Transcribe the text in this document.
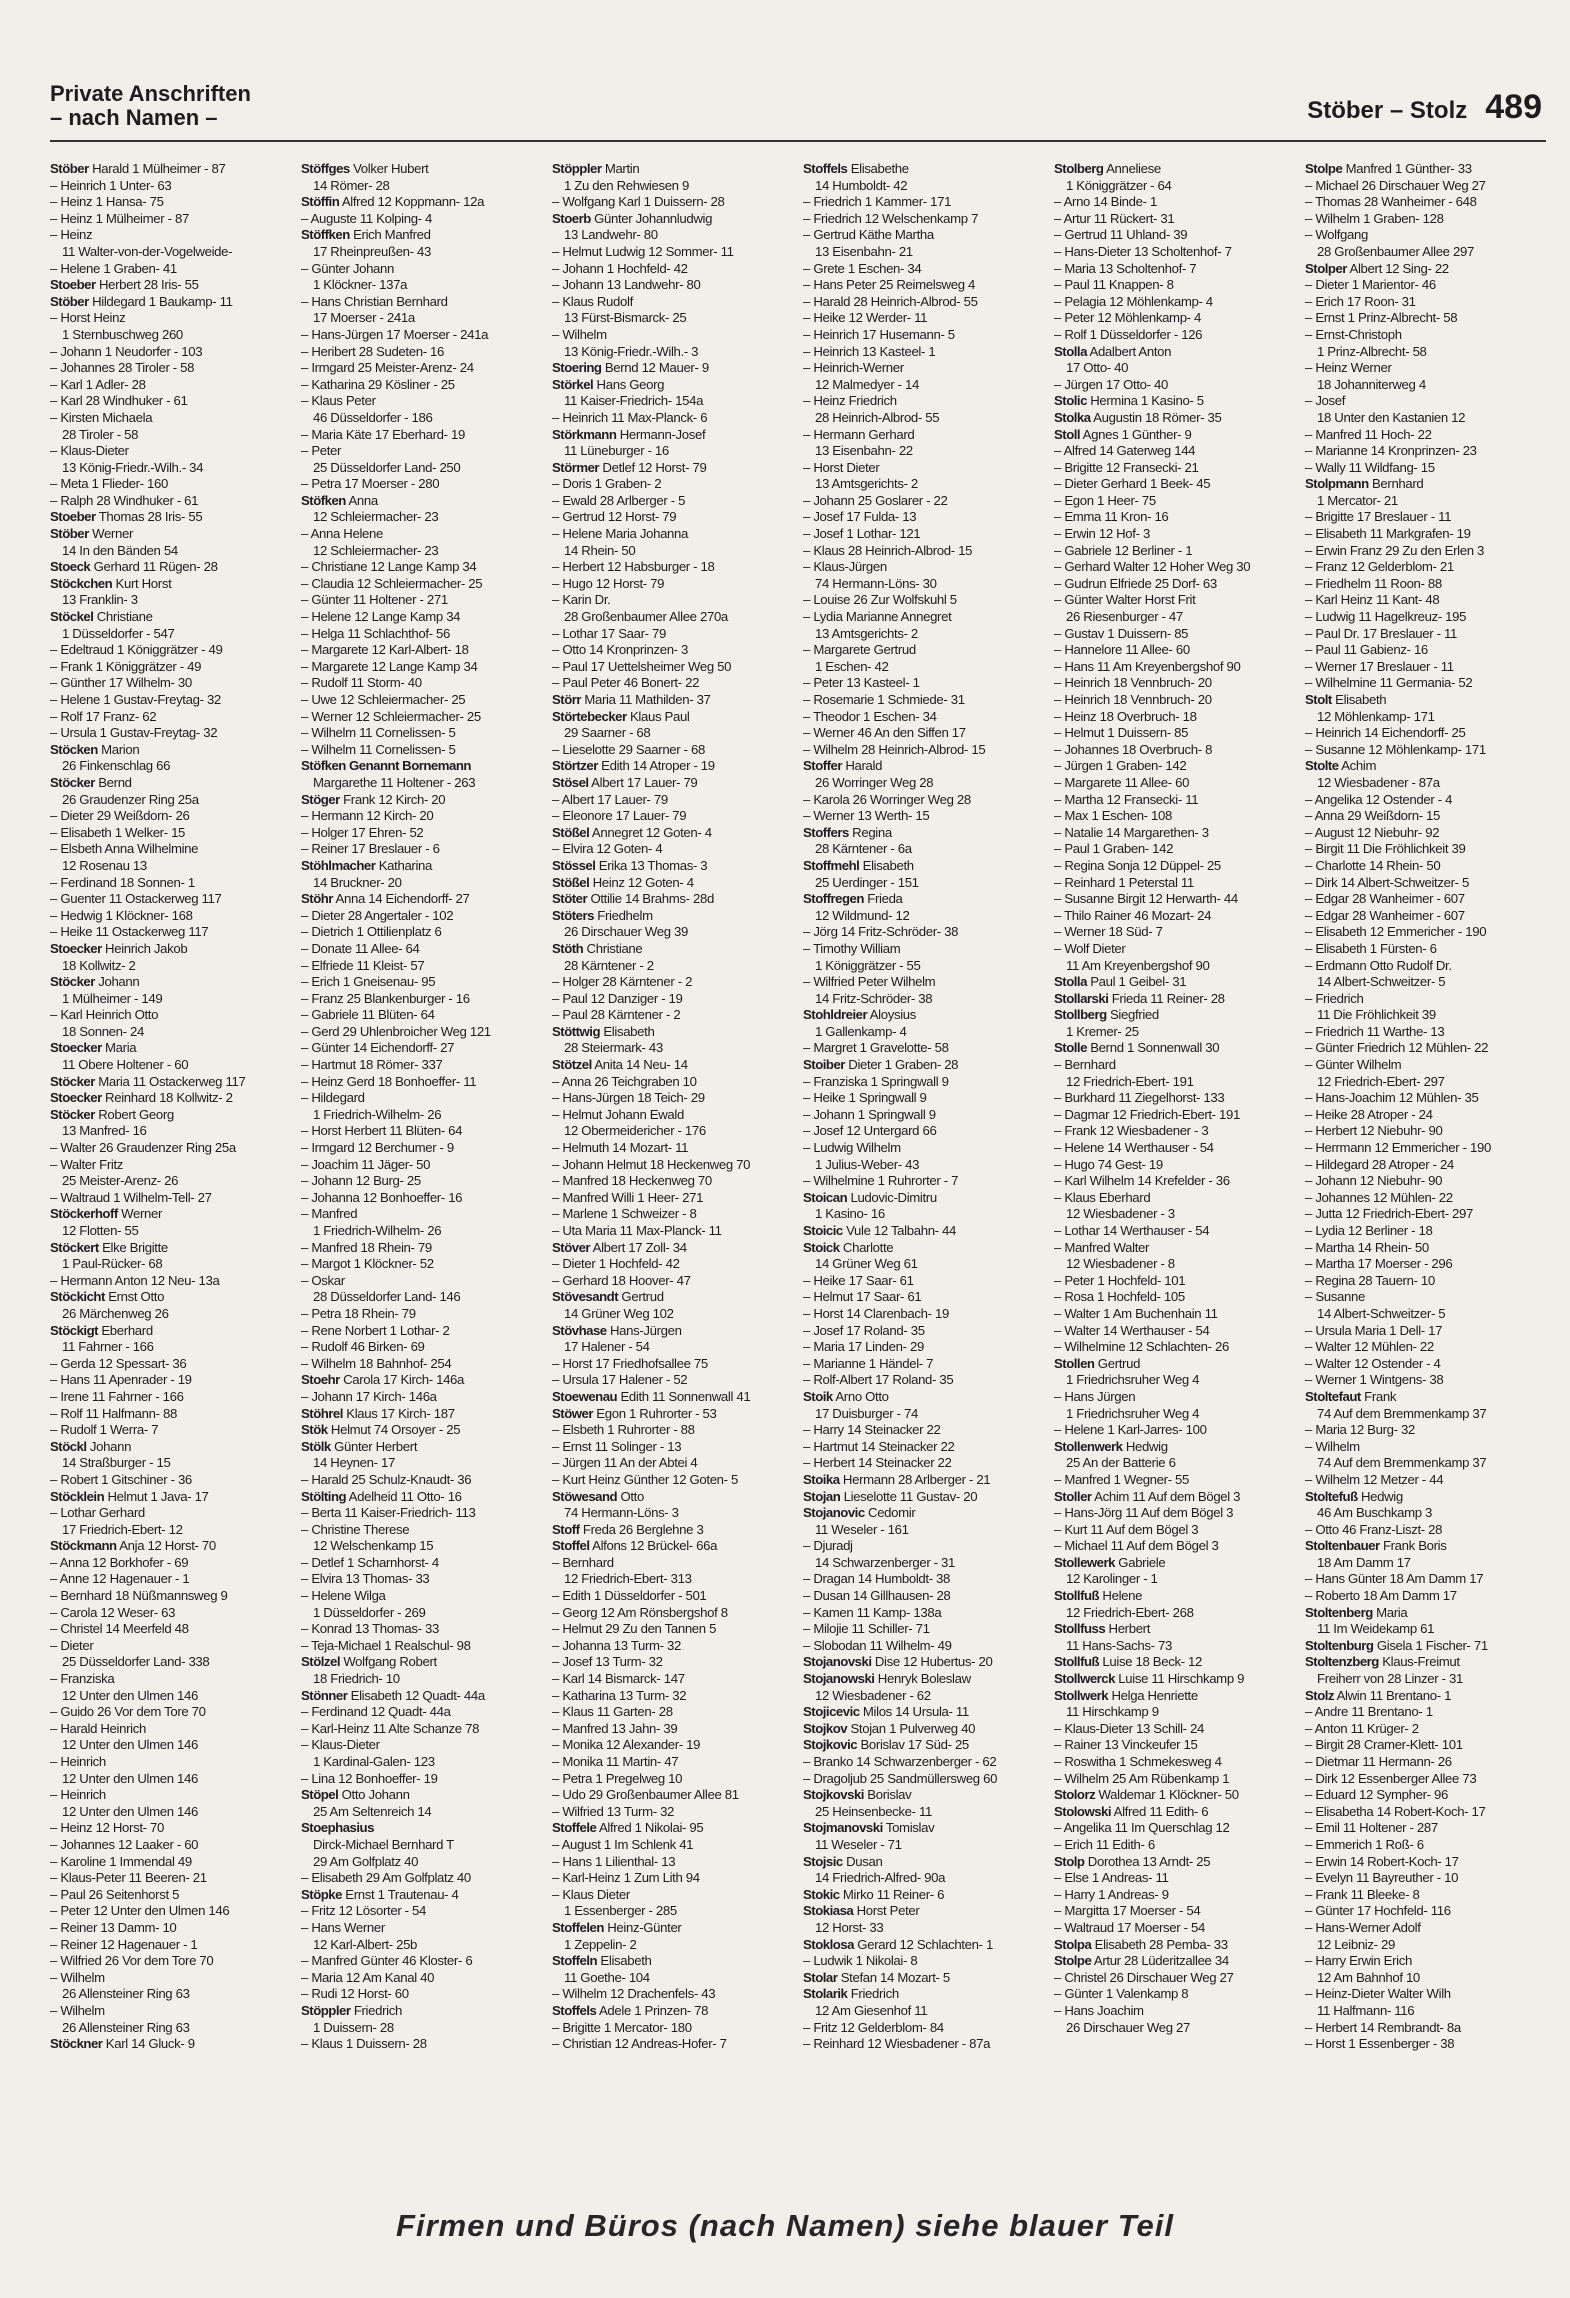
Private Anschriften
– nach Namen –	Stöber – Stolz 489
Stöber Harald 1 Mülheimer - 87
– Heinrich 1 Unter- 63
– Heinz 1 Hansa- 75
– Heinz 1 Mülheimer - 87
– Heinz
11 Walter-von-der-Vogelweide-
– Helene 1 Graben- 41
Stoeber Herbert 28 Iris- 55
Stöber Hildegard 1 Baukamp- 11
– Horst Heinz
1 Sternbuschweg 260
– Johann 1 Neudorfer - 103
– Johannes 28 Tiroler - 58
– Karl 1 Adler- 28
– Karl 28 Windhuker - 61
– Kirsten Michaela
28 Tiroler - 58
– Klaus-Dieter
13 König-Friedr.-Wilh.- 34
– Meta 1 Flieder- 160
– Ralph 28 Windhuker - 61
Stoeber Thomas 28 Iris- 55
Stöber Werner
14 In den Bänden 54
Stoeck Gerhard 11 Rügen- 28
Stöckchen Kurt Horst
13 Franklin- 3
Stöckel Christiane
1 Düsseldorfer - 547
– Edeltraud 1 Königgrätzer - 49
– Frank 1 Königgrätzer - 49
– Günther 17 Wilhelm- 30
– Helene 1 Gustav-Freytag- 32
– Rolf 17 Franz- 62
– Ursula 1 Gustav-Freytag- 32
Stöcken Marion
26 Finkenschlag 66
Stöcker Bernd
26 Graudenzer Ring 25a
– Dieter 29 Weißdorn- 26
– Elisabeth 1 Welker- 15
– Elsbeth Anna Wilhelmine
12 Rosenau 13
– Ferdinand 18 Sonnen- 1
– Guenter 11 Ostackerweg 117
– Hedwig 1 Klöckner- 168
– Heike 11 Ostackerweg 117
Stoecker Heinrich Jakob
18 Kollwitz- 2
Stöcker Johann
1 Mülheimer - 149
– Karl Heinrich Otto
18 Sonnen- 24
Stoecker Maria
11 Obere Holtener - 60
Stöcker Maria 11 Ostackerweg 117
Stoecker Reinhard 18 Kollwitz- 2
Stöcker Robert Georg
13 Manfred- 16
– Walter 26 Graudenzer Ring 25a
– Walter Fritz
25 Meister-Arenz- 26
– Waltraud 1 Wilhelm-Tell- 27
Stöckerhoff Werner
12 Flotten- 55
Stöckert Elke Brigitte
1 Paul-Rücker- 68
– Hermann Anton 12 Neu- 13a
Stöckicht Ernst Otto
26 Märchenweg 26
Stöckigt Eberhard
11 Fahrner - 166
– Gerda 12 Spessart- 36
– Hans 11 Apenrader - 19
– Irene 11 Fahrner - 166
– Rolf 11 Halfmann- 88
– Rudolf 1 Werra- 7
Stöckl Johann
14 Straßburger - 15
– Robert 1 Gitschiner - 36
Stöcklein Helmut 1 Java- 17
– Lothar Gerhard
17 Friedrich-Ebert- 12
Stöckmann Anja 12 Horst- 70
– Anna 12 Borkhofer - 69
– Anne 12 Hagenauer - 1
– Bernhard 18 Nüßmannsweg 9
– Carola 12 Weser- 63
– Christel 14 Meerfeld 48
– Dieter
25 Düsseldorfer Land- 338
– Franziska
12 Unter den Ulmen 146
– Guido 26 Vor dem Tore 70
– Harald Heinrich
12 Unter den Ulmen 146
– Heinrich
12 Unter den Ulmen 146
– Heinrich
12 Unter den Ulmen 146
– Heinz 12 Horst- 70
– Johannes 12 Laaker - 60
– Karoline 1 Immendal 49
– Klaus-Peter 11 Beeren- 21
– Paul 26 Seitenhorst 5
– Peter 12 Unter den Ulmen 146
– Reiner 13 Damm- 10
– Reiner 12 Hagenauer - 1
– Wilfried 26 Vor dem Tore 70
– Wilhelm
26 Allensteiner Ring 63
– Wilhelm
26 Allensteiner Ring 63
Stöckner Karl 14 Gluck- 9
Stöffges Volker Hubert
14 Römer- 28
Stöffin Alfred 12 Koppmann- 12a
– Auguste 11 Kolping- 4
Stöffken Erich Manfred
17 Rheinpreußen- 43
– Günter Johann
1 Klöckner- 137a
– Hans Christian Bernhard
17 Moerser - 241a
– Hans-Jürgen 17 Moerser - 241a
– Heribert 28 Sudeten- 16
– Irmgard 25 Meister-Arenz- 24
– Katharina 29 Kösliner - 25
– Klaus Peter
46 Düsseldorfer - 186
– Maria Käte 17 Eberhard- 19
– Peter
25 Düsseldorfer Land- 250
– Petra 17 Moerser - 280
Stöfken Anna
12 Schleiermacher- 23
– Anna Helene
12 Schleiermacher- 23
– Christiane 12 Lange Kamp 34
– Claudia 12 Schleiermacher- 25
– Günter 11 Holtener - 271
– Helene 12 Lange Kamp 34
– Helga 11 Schlachthof- 56
– Margarete 12 Karl-Albert- 18
– Margarete 12 Lange Kamp 34
– Rudolf 11 Storm- 40
– Uwe 12 Schleiermacher- 25
– Werner 12 Schleiermacher- 25
– Wilhelm 11 Cornelissen- 5
– Wilhelm 11 Cornelissen- 5
Stöfken Genannt Bornemann
Margarethe 11 Holtener - 263
Stöger Frank 12 Kirch- 20
– Hermann 12 Kirch- 20
– Holger 17 Ehren- 52
– Reiner 17 Breslauer - 6
Stöhlmacher Katharina
14 Bruckner- 20
Stöhr Anna 14 Eichendorff- 27
– Dieter 28 Angertaler - 102
– Dietrich 1 Ottilienplatz 6
– Donate 11 Allee- 64
– Elfriede 11 Kleist- 57
– Erich 1 Gneisenau- 95
– Franz 25 Blankenburger - 16
– Gabriele 11 Blüten- 64
– Gerd 29 Uhlenbroicher Weg 121
– Günter 14 Eichendorff- 27
– Hartmut 18 Römer- 337
– Heinz Gerd 18 Bonhoeffer- 11
– Hildegard
1 Friedrich-Wilhelm- 26
– Horst Herbert 11 Blüten- 64
– Irmgard 12 Berchumer - 9
– Joachim 11 Jäger- 50
– Johann 12 Burg- 25
– Johanna 12 Bonhoeffer- 16
– Manfred
1 Friedrich-Wilhelm- 26
– Manfred 18 Rhein- 79
– Margot 1 Klöckner- 52
– Oskar
28 Düsseldorfer Land- 146
– Petra 18 Rhein- 79
– Rene Norbert 1 Lothar- 2
– Rudolf 46 Birken- 69
– Wilhelm 18 Bahnhof- 254
Stoehr Carola 17 Kirch- 146a
– Johann 17 Kirch- 146a
Stöhrel Klaus 17 Kirch- 187
Stök Helmut 74 Orsoyer - 25
Stölk Günter Herbert
14 Heynen- 17
– Harald 25 Schulz-Knaudt- 36
Stölting Adelheid 11 Otto- 16
– Berta 11 Kaiser-Friedrich- 113
– Christine Therese
12 Welschenkamp 15
– Detlef 1 Scharnhorst- 4
– Elvira 13 Thomas- 33
– Helene Wilga
1 Düsseldorfer - 269
– Konrad 13 Thomas- 33
– Teja-Michael 1 Realschul- 98
Stölzel Wolfgang Robert
18 Friedrich- 10
Stönner Elisabeth 12 Quadt- 44a
– Ferdinand 12 Quadt- 44a
– Karl-Heinz 11 Alte Schanze 78
– Klaus-Dieter
1 Kardinal-Galen- 123
– Lina 12 Bonhoeffer- 19
Stöpel Otto Johann
25 Am Seltenreich 14
Stoephasius
Dirck-Michael Bernhard T
29 Am Golfplatz 40
– Elisabeth 29 Am Golfplatz 40
Stöpke Ernst 1 Trautenau- 4
– Fritz 12 Lösorter - 54
– Hans Werner
12 Karl-Albert- 25b
– Manfred Günter 46 Kloster- 6
– Maria 12 Am Kanal 40
– Rudi 12 Horst- 60
Stöppler Friedrich
1 Duissern- 28
– Klaus 1 Duissern- 28
Stöppler Martin
1 Zu den Rehwiesen 9
– Wolfgang Karl 1 Duissern- 28
Stoerb Günter Johannludwig
13 Landwehr- 80
– Helmut Ludwig 12 Sommer- 11
– Johann 1 Hochfeld- 42
– Johann 13 Landwehr- 80
– Klaus Rudolf
13 Fürst-Bismarck- 25
– Wilhelm
13 König-Friedr.-Wilh.- 3
Stoering Bernd 12 Mauer- 9
Störkel Hans Georg
11 Kaiser-Friedrich- 154a
– Heinrich 11 Max-Planck- 6
Störkmann Hermann-Josef
11 Lüneburger - 16
Störmer Detlef 12 Horst- 79
– Doris 1 Graben- 2
– Ewald 28 Arlberger - 5
– Gertrud 12 Horst- 79
– Helene Maria Johanna
14 Rhein- 50
– Herbert 12 Habsburger - 18
– Hugo 12 Horst- 79
– Karin Dr.
28 Großenbaumer Allee 270a
– Lothar 17 Saar- 79
– Otto 14 Kronprinzen- 3
– Paul 17 Uettelsheimer Weg 50
– Paul Peter 46 Bonert- 22
Störr Maria 11 Mathilden- 37
Störtebecker Klaus Paul
29 Saarner - 68
– Lieselotte 29 Saarner - 68
Störtzer Edith 14 Atroper - 19
Stösel Albert 17 Lauer- 79
– Albert 17 Lauer- 79
– Eleonore 17 Lauer- 79
Stößel Annegret 12 Goten- 4
– Elvira 12 Goten- 4
Stössel Erika 13 Thomas- 3
Stößel Heinz 12 Goten- 4
Stöter Ottilie 14 Brahms- 28d
Stöters Friedhelm
26 Dirschauer Weg 39
Stöth Christiane
28 Kärntener - 2
– Holger 28 Kärntener - 2
– Paul 12 Danziger - 19
– Paul 28 Kärntener - 2
Stöttwig Elisabeth
28 Steiermark- 43
Stötzel Anita 14 Neu- 14
– Anna 26 Teichgraben 10
– Hans-Jürgen 18 Teich- 29
– Helmut Johann Ewald
12 Obermeidericher - 176
– Helmuth 14 Mozart- 11
– Johann Helmut 18 Heckenweg 70
– Manfred 18 Heckenweg 70
– Manfred Willi 1 Heer- 271
– Marlene 1 Schweizer - 8
– Uta Maria 11 Max-Planck- 11
Stöver Albert 17 Zoll- 34
– Dieter 1 Hochfeld- 42
– Gerhard 18 Hoover- 47
Stövesandt Gertrud
14 Grüner Weg 102
Stövhase Hans-Jürgen
17 Halener - 54
– Horst 17 Friedhofsallee 75
– Ursula 17 Halener - 52
Stoewenau Edith 11 Sonnenwall 41
Stöwer Egon 1 Ruhrorter - 53
– Elsbeth 1 Ruhrorter - 88
– Ernst 11 Solinger - 13
– Jürgen 11 An der Abtei 4
– Kurt Heinz Günther 12 Goten- 5
Stöwesand Otto
74 Hermann-Löns- 3
Stoff Freda 26 Berglehne 3
Stoffel Alfons 12 Brückel- 66a
– Bernhard
12 Friedrich-Ebert- 313
– Edith 1 Düsseldorfer - 501
– Georg 12 Am Rönsbergshof 8
– Helmut 29 Zu den Tannen 5
– Johanna 13 Turm- 32
– Josef 13 Turm- 32
– Karl 14 Bismarck- 147
– Katharina 13 Turm- 32
– Klaus 11 Garten- 28
– Manfred 13 Jahn- 39
– Monika 12 Alexander- 19
– Monika 11 Martin- 47
– Petra 1 Pregelweg 10
– Udo 29 Großenbaumer Allee 81
– Wilfried 13 Turm- 32
Stoffele Alfred 1 Nikolai- 95
– August 1 Im Schlenk 41
– Hans 1 Lilienthal- 13
– Karl-Heinz 1 Zum Lith 94
– Klaus Dieter
1 Essenberger - 285
Stoffelen Heinz-Günter
1 Zeppelin- 2
Stoffeln Elisabeth
11 Goethe- 104
– Wilhelm 12 Drachenfels- 43
Stoffels Adele 1 Prinzen- 78
– Brigitte 1 Mercator- 180
– Christian 12 Andreas-Hofer- 7
Stoffels Elisabethe
14 Humboldt- 42
– Friedrich 1 Kammer- 171
– Friedrich 12 Welschenkamp 7
– Gertrud Käthe Martha
13 Eisenbahn- 21
– Grete 1 Eschen- 34
– Hans Peter 25 Reimelsweg 4
– Harald 28 Heinrich-Albrod- 55
– Heike 12 Werder- 11
– Heinrich 17 Husemann- 5
– Heinrich 13 Kasteel- 1
– Heinrich-Werner
12 Malmedyer - 14
– Heinz Friedrich
28 Heinrich-Albrod- 55
– Hermann Gerhard
13 Eisenbahn- 22
– Horst Dieter
13 Amtsgerichts- 2
– Johann 25 Goslarer - 22
– Josef 17 Fulda- 13
– Josef 1 Lothar- 121
– Klaus 28 Heinrich-Albrod- 15
– Klaus-Jürgen
74 Hermann-Löns- 30
– Louise 26 Zur Wolfskuhl 5
– Lydia Marianne Annegret
13 Amtsgerichts- 2
– Margarete Gertrud
1 Eschen- 42
– Peter 13 Kasteel- 1
– Rosemarie 1 Schmiede- 31
– Theodor 1 Eschen- 34
– Werner 46 An den Siffen 17
– Wilhelm 28 Heinrich-Albrod- 15
Stoffer Harald
26 Worringer Weg 28
– Karola 26 Worringer Weg 28
– Werner 13 Werth- 15
Stoffers Regina
28 Kärntener - 6a
Stoffmehl Elisabeth
25 Uerdinger - 151
Stoffregen Frieda
12 Wildmund- 12
– Jörg 14 Fritz-Schröder- 38
– Timothy William
1 Königgrätzer - 55
– Wilfried Peter Wilhelm
14 Fritz-Schröder- 38
Stohldreier Aloysius
1 Gallenkamp- 4
– Margret 1 Gravelotte- 58
Stoiber Dieter 1 Graben- 28
– Franziska 1 Springwall 9
– Heike 1 Springwall 9
– Johann 1 Springwall 9
– Josef 12 Untergard 66
– Ludwig Wilhelm
1 Julius-Weber- 43
– Wilhelmine 1 Ruhrorter - 7
Stoican Ludovic-Dimitru
1 Kasino- 16
Stoicic Vule 12 Talbahn- 44
Stoick Charlotte
14 Grüner Weg 61
– Heike 17 Saar- 61
– Helmut 17 Saar- 61
– Horst 14 Clarenbach- 19
– Josef 17 Roland- 35
– Maria 17 Linden- 29
– Marianne 1 Händel- 7
– Rolf-Albert 17 Roland- 35
Stoik Arno Otto
17 Duisburger - 74
– Harry 14 Steinacker 22
– Hartmut 14 Steinacker 22
– Herbert 14 Steinacker 22
Stoika Hermann 28 Arlberger - 21
Stojan Lieselotte 11 Gustav- 20
Stojanovic Cedomir
11 Weseler - 161
– Djuradj
14 Schwarzenberger - 31
– Dragan 14 Humboldt- 38
– Dusan 14 Gillhausen- 28
– Kamen 11 Kamp- 138a
– Milojie 11 Schiller- 71
– Slobodan 11 Wilhelm- 49
Stojanovski Dise 12 Hubertus- 20
Stojanowski Henryk Boleslaw
12 Wiesbadener - 62
Stojicevic Milos 14 Ursula- 11
Stojkov Stojan 1 Pulverweg 40
Stojkovic Borislav 17 Süd- 25
– Branko 14 Schwarzenberger - 62
– Dragoljub 25 Sandmüllersweg 60
Stojkovski Borislav
25 Heinsenbecke- 11
Stojmanovski Tomislav
11 Weseler - 71
Stojsic Dusan
14 Friedrich-Alfred- 90a
Stokic Mirko 11 Reiner- 6
Stokiasa Horst Peter
12 Horst- 33
Stoklosa Gerard 12 Schlachten- 1
– Ludwik 1 Nikolai- 8
Stolar Stefan 14 Mozart- 5
Stolarik Friedrich
12 Am Giesenhof 11
– Fritz 12 Gelderblom- 84
– Reinhard 12 Wiesbadener - 87a
Stolberg Anneliese
1 Königgrätzer - 64
– Arno 14 Binde- 1
– Artur 11 Rückert- 31
– Gertrud 11 Uhland- 39
– Hans-Dieter 13 Scholtenhof- 7
– Maria 13 Scholtenhof- 7
– Paul 11 Knappen- 8
– Pelagia 12 Möhlenkamp- 4
– Peter 12 Möhlenkamp- 4
– Rolf 1 Düsseldorfer - 126
Stolla Adalbert Anton
17 Otto- 40
– Jürgen 17 Otto- 40
Stolic Hermina 1 Kasino- 5
Stolka Augustin 18 Römer- 35
Stoll Agnes 1 Günther- 9
– Alfred 14 Gaterweg 144
– Brigitte 12 Fransecki- 21
– Dieter Gerhard 1 Beek- 45
– Egon 1 Heer- 75
– Emma 11 Kron- 16
– Erwin 12 Hof- 3
– Gabriele 12 Berliner - 1
– Gerhard Walter 12 Hoher Weg 30
– Gudrun Elfriede 25 Dorf- 63
– Günter Walter Horst Frit
26 Riesenburger - 47
– Gustav 1 Duissern- 85
– Hannelore 11 Allee- 60
– Hans 11 Am Kreyenbergshof 90
– Heinrich 18 Vennbruch- 20
– Heinrich 18 Vennbruch- 20
– Heinz 18 Overbruch- 18
– Helmut 1 Duissern- 85
– Johannes 18 Overbruch- 8
– Jürgen 1 Graben- 142
– Margarete 11 Allee- 60
– Martha 12 Fransecki- 11
– Max 1 Eschen- 108
– Natalie 14 Margarethen- 3
– Paul 1 Graben- 142
– Regina Sonja 12 Düppel- 25
– Reinhard 1 Peterstal 11
– Susanne Birgit 12 Herwarth- 44
– Thilo Rainer 46 Mozart- 24
– Werner 18 Süd- 7
– Wolf Dieter
11 Am Kreyenbergshof 90
Stolla Paul 1 Geibel- 31
Stollarski Frieda 11 Reiner- 28
Stollberg Siegfried
1 Kremer- 25
Stolle Bernd 1 Sonnenwall 30
– Bernhard
12 Friedrich-Ebert- 191
– Burkhard 11 Ziegelhorst- 133
– Dagmar 12 Friedrich-Ebert- 191
– Frank 12 Wiesbadener - 3
– Helene 14 Werthauser - 54
– Hugo 74 Gest- 19
– Karl Wilhelm 14 Krefelder - 36
– Klaus Eberhard
12 Wiesbadener - 3
– Lothar 14 Werthauser - 54
– Manfred Walter
12 Wiesbadener - 8
– Peter 1 Hochfeld- 101
– Rosa 1 Hochfeld- 105
– Walter 1 Am Buchenhain 11
– Walter 14 Werthauser - 54
– Wilhelmine 12 Schlachten- 26
Stollen Gertrud
1 Friedrichsruher Weg 4
– Hans Jürgen
1 Friedrichsruher Weg 4
– Helene 1 Karl-Jarres- 100
Stollenwerk Hedwig
25 An der Batterie 6
– Manfred 1 Wegner- 55
Stoller Achim 11 Auf dem Bögel 3
– Hans-Jörg 11 Auf dem Bögel 3
– Kurt 11 Auf dem Bögel 3
– Michael 11 Auf dem Bögel 3
Stollewerk Gabriele
12 Karolinger - 1
Stollfuß Helene
12 Friedrich-Ebert- 268
Stollfuss Herbert
11 Hans-Sachs- 73
Stollfuß Luise 18 Beck- 12
Stollwerck Luise 11 Hirschkamp 9
Stollwerk Helga Henriette
11 Hirschkamp 9
– Klaus-Dieter 13 Schill- 24
– Rainer 13 Vinckeufer 15
– Roswitha 1 Schmekesweg 4
– Wilhelm 25 Am Rübenkamp 1
Stolorz Waldemar 1 Klöckner- 50
Stolowski Alfred 11 Edith- 6
– Angelika 11 Im Querschlag 12
– Erich 11 Edith- 6
Stolp Dorothea 13 Arndt- 25
– Else 1 Andreas- 11
– Harry 1 Andreas- 9
– Margitta 17 Moerser - 54
– Waltraud 17 Moerser - 54
Stolpa Elisabeth 28 Pemba- 33
Stolpe Artur 28 Lüderitzallee 34
– Christel 26 Dirschauer Weg 27
– Günter 1 Valenkamp 8
– Hans Joachim
26 Dirschauer Weg 27
Stolpe Manfred 1 Günther- 33
– Michael 26 Dirschauer Weg 27
– Thomas 28 Wanheimer - 648
– Wilhelm 1 Graben- 128
– Wolfgang
28 Großenbaumer Allee 297
Stolper Albert 12 Sing- 22
– Dieter 1 Marientor- 46
– Erich 17 Roon- 31
– Ernst 1 Prinz-Albrecht- 58
– Ernst-Christoph
1 Prinz-Albrecht- 58
– Heinz Werner
18 Johanniterweg 4
– Josef
18 Unter den Kastanien 12
– Manfred 11 Hoch- 22
– Marianne 14 Kronprinzen- 23
– Wally 11 Wildfang- 15
Stolpmann Bernhard
1 Mercator- 21
– Brigitte 17 Breslauer - 11
– Elisabeth 11 Markgrafen- 19
– Erwin Franz 29 Zu den Erlen 3
– Franz 12 Gelderblom- 21
– Friedhelm 11 Roon- 88
– Karl Heinz 11 Kant- 48
– Ludwig 11 Hagelkreuz- 195
– Paul Dr. 17 Breslauer - 11
– Paul 11 Gabienz- 16
– Werner 17 Breslauer - 11
– Wilhelmine 11 Germania- 52
Stolt Elisabeth
12 Möhlenkamp- 171
– Heinrich 14 Eichendorff- 25
– Susanne 12 Möhlenkamp- 171
Stolte Achim
12 Wiesbadener - 87a
– Angelika 12 Ostender - 4
– Anna 29 Weißdorn- 15
– August 12 Niebuhr- 92
– Birgit 11 Die Fröhlichkeit 39
– Charlotte 14 Rhein- 50
– Dirk 14 Albert-Schweitzer- 5
– Edgar 28 Wanheimer - 607
– Edgar 28 Wanheimer - 607
– Elisabeth 12 Emmericher - 190
– Elisabeth 1 Fürsten- 6
– Erdmann Otto Rudolf Dr.
14 Albert-Schweitzer- 5
– Friedrich
11 Die Fröhlichkeit 39
– Friedrich 11 Warthe- 13
– Günter Friedrich 12 Mühlen- 22
– Günter Wilhelm
12 Friedrich-Ebert- 297
– Hans-Joachim 12 Mühlen- 35
– Heike 28 Atroper - 24
– Herbert 12 Niebuhr- 90
– Herrmann 12 Emmericher - 190
– Hildegard 28 Atroper - 24
– Johann 12 Niebuhr- 90
– Johannes 12 Mühlen- 22
– Jutta 12 Friedrich-Ebert- 297
– Lydia 12 Berliner - 18
– Martha 14 Rhein- 50
– Martha 17 Moerser - 296
– Regina 28 Tauern- 10
– Susanne
14 Albert-Schweitzer- 5
– Ursula Maria 1 Dell- 17
– Walter 12 Mühlen- 22
– Walter 12 Ostender - 4
– Werner 1 Wintgens- 38
Stoltefaut Frank
74 Auf dem Bremmenkamp 37
– Maria 12 Burg- 32
– Wilhelm
74 Auf dem Bremmenkamp 37
– Wilhelm 12 Metzer - 44
Stoltefuß Hedwig
46 Am Buschkamp 3
– Otto 46 Franz-Liszt- 28
Stoltenbauer Frank Boris
18 Am Damm 17
– Hans Günter 18 Am Damm 17
– Roberto 18 Am Damm 17
Stoltenberg Maria
11 Im Weidekamp 61
Stoltenburg Gisela 1 Fischer- 71
Stoltenzberg Klaus-Freimut
Freiherr von 28 Linzer - 31
Stolz Alwin 11 Brentano- 1
– Andre 11 Brentano- 1
– Anton 11 Krüger- 2
– Birgit 28 Cramer-Klett- 101
– Dietmar 11 Hermann- 26
– Dirk 12 Essenberger Allee 73
– Eduard 12 Sympher- 96
– Elisabetha 14 Robert-Koch- 17
– Emil 11 Holtener - 287
– Emmerich 1 Roß- 6
– Erwin 14 Robert-Koch- 17
– Evelyn 11 Bayreuther - 10
– Frank 11 Bleeke- 8
– Günter 17 Hochfeld- 116
– Hans-Werner Adolf
12 Leibniz- 29
– Harry Erwin Erich
12 Am Bahnhof 10
– Heinz-Dieter Walter Wilh
11 Halfmann- 116
– Herbert 14 Rembrandt- 8a
– Horst 1 Essenberger - 38
Firmen und Büros (nach Namen) siehe blauer Teil
